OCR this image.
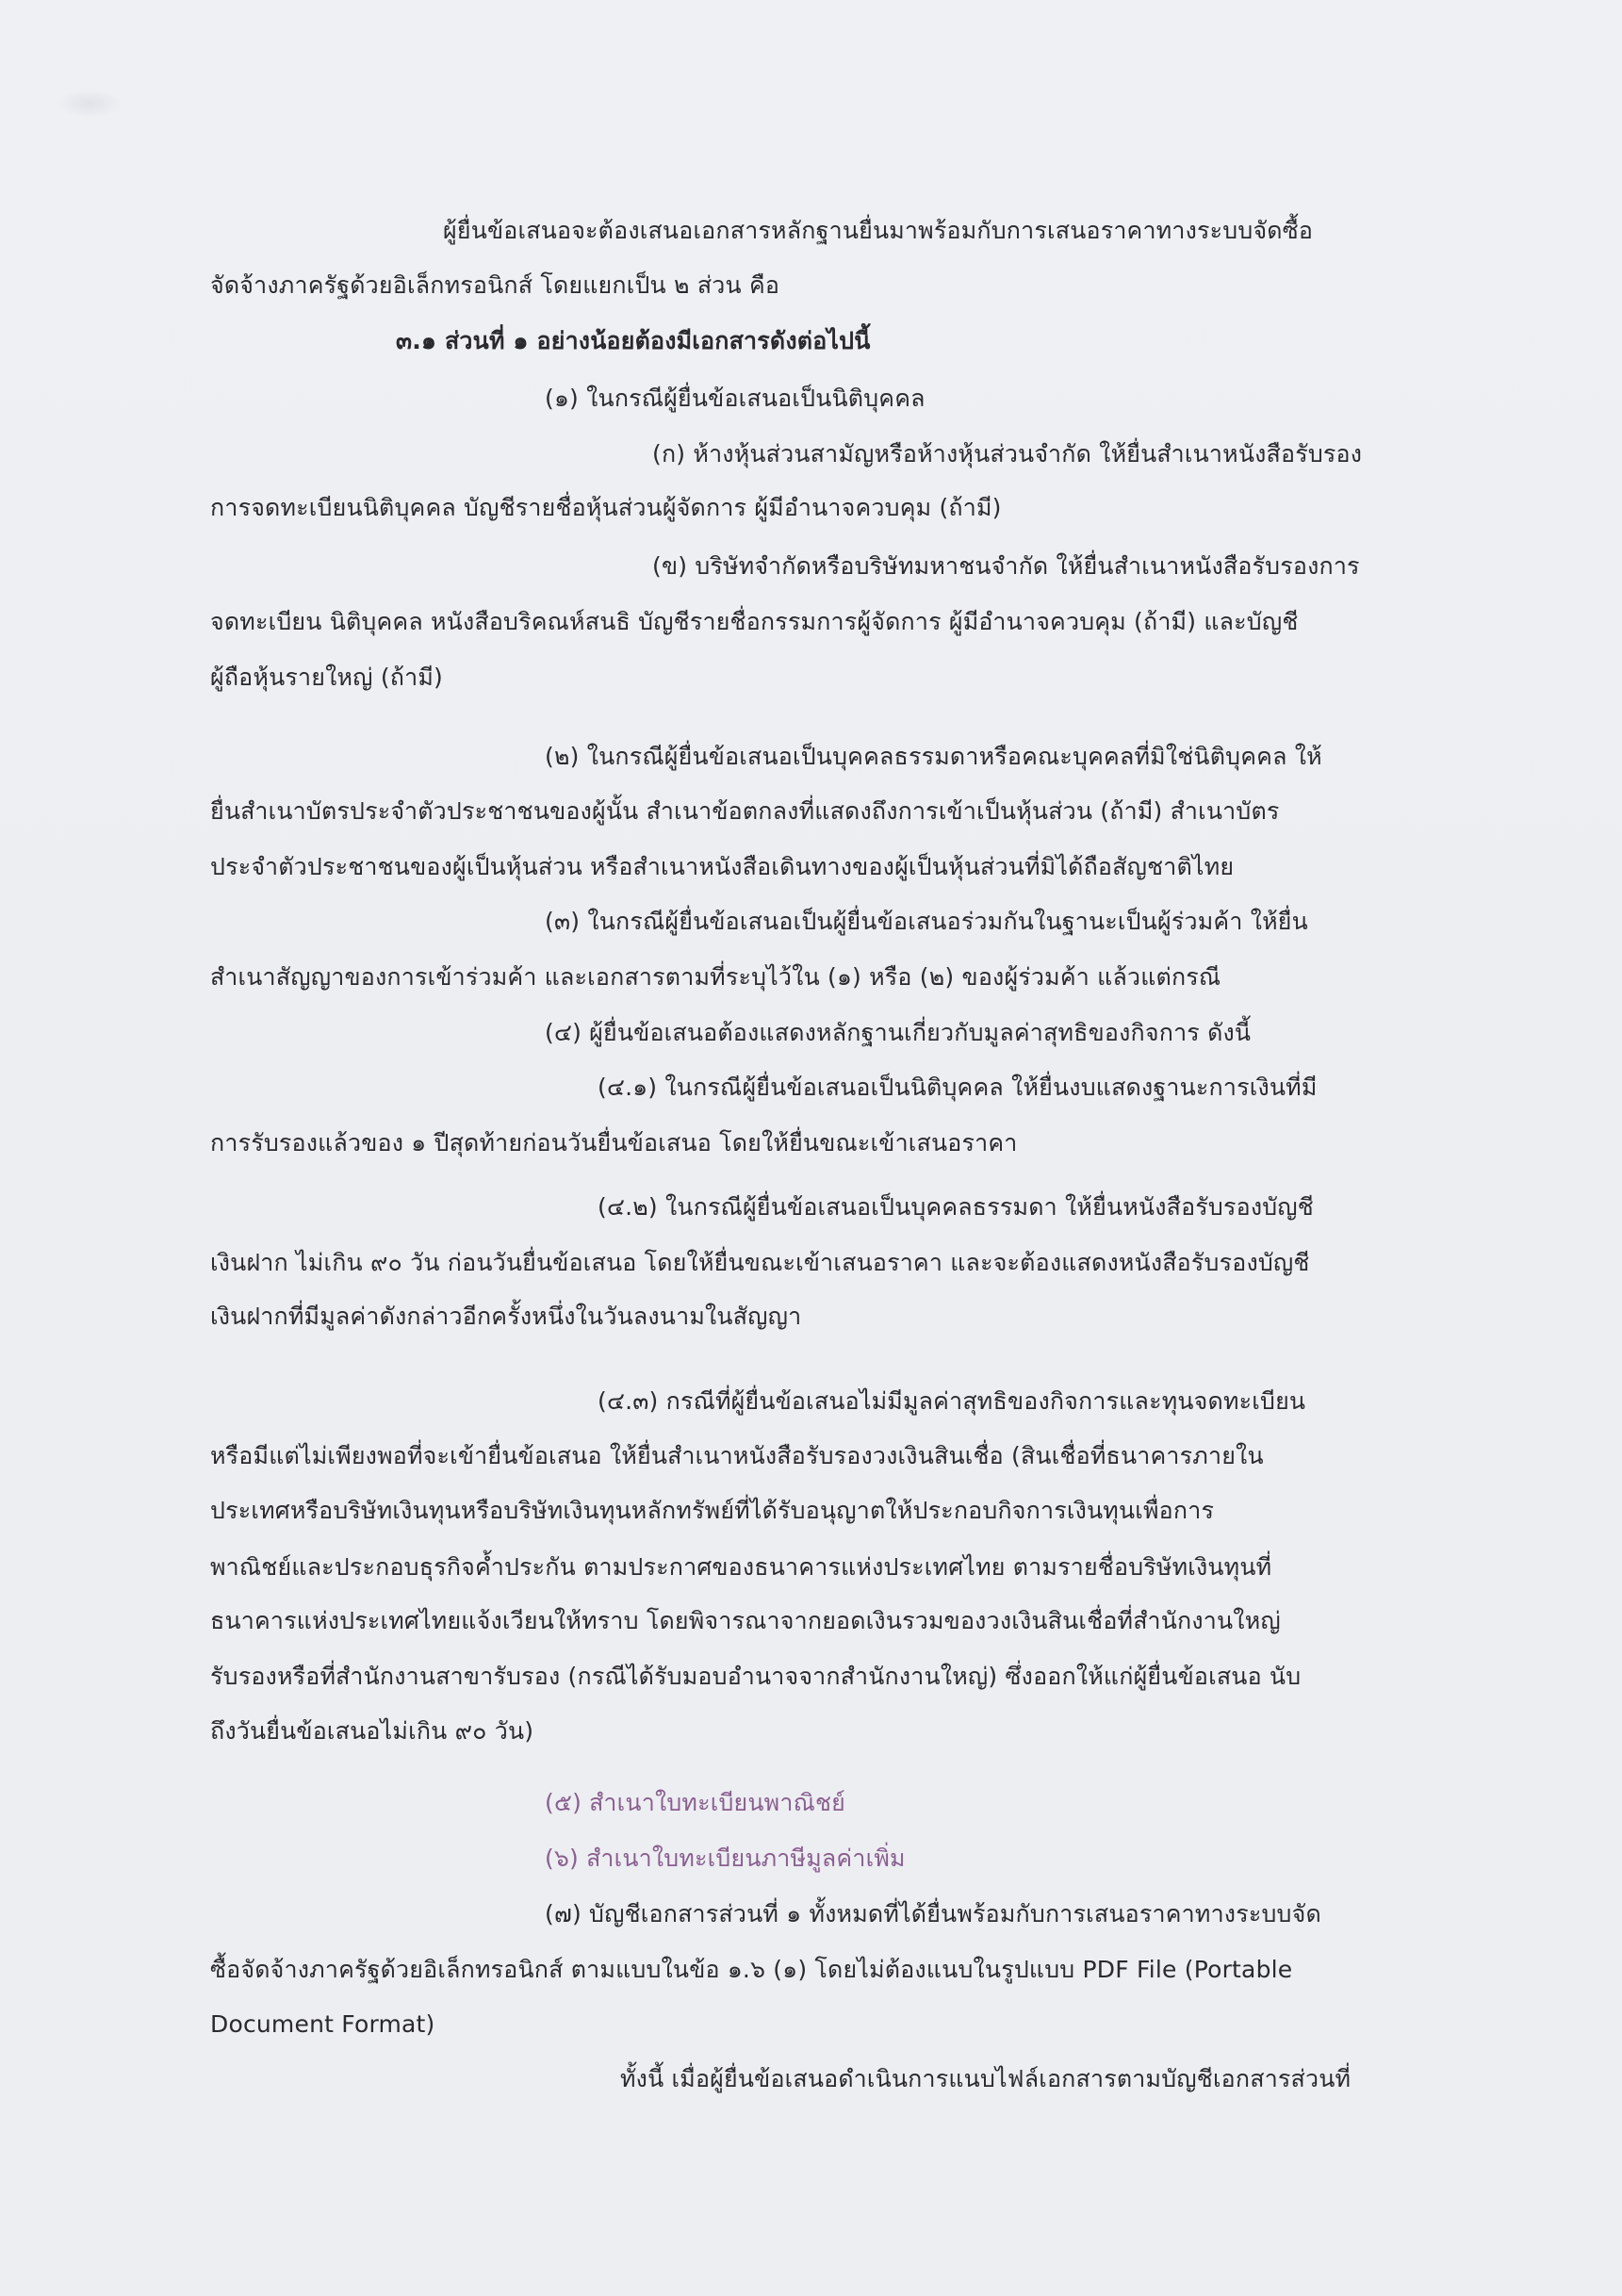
ผู้ยื่นข้อเสนอจะต้องเสนอเอกสารหลักฐานยื่นมาพร้อมกับการเสนอราคาทางระบบจัดซื้อ
จัดจ้างภาครัฐด้วยอิเล็กทรอนิกส์ โดยแยกเป็น ๒ ส่วน คือ
๓.๑ ส่วนที่ ๑ อย่างน้อยต้องมีเอกสารดังต่อไปนี้
(๑) ในกรณีผู้ยื่นข้อเสนอเป็นนิติบุคคล
(ก) ห้างหุ้นส่วนสามัญหรือห้างหุ้นส่วนจำกัด ให้ยื่นสำเนาหนังสือรับรอง
การจดทะเบียนนิติบุคคล บัญชีรายชื่อหุ้นส่วนผู้จัดการ ผู้มีอำนาจควบคุม (ถ้ามี)
(ข) บริษัทจำกัดหรือบริษัทมหาชนจำกัด ให้ยื่นสำเนาหนังสือรับรองการ
จดทะเบียน นิติบุคคล หนังสือบริคณห์สนธิ บัญชีรายชื่อกรรมการผู้จัดการ ผู้มีอำนาจควบคุม (ถ้ามี) และบัญชี
ผู้ถือหุ้นรายใหญ่ (ถ้ามี)
(๒) ในกรณีผู้ยื่นข้อเสนอเป็นบุคคลธรรมดาหรือคณะบุคคลที่มิใช่นิติบุคคล ให้
ยื่นสำเนาบัตรประจำตัวประชาชนของผู้นั้น สำเนาข้อตกลงที่แสดงถึงการเข้าเป็นหุ้นส่วน (ถ้ามี) สำเนาบัตร
ประจำตัวประชาชนของผู้เป็นหุ้นส่วน หรือสำเนาหนังสือเดินทางของผู้เป็นหุ้นส่วนที่มิได้ถือสัญชาติไทย
(๓) ในกรณีผู้ยื่นข้อเสนอเป็นผู้ยื่นข้อเสนอร่วมกันในฐานะเป็นผู้ร่วมค้า ให้ยื่น
สำเนาสัญญาของการเข้าร่วมค้า และเอกสารตามที่ระบุไว้ใน (๑) หรือ (๒) ของผู้ร่วมค้า แล้วแต่กรณี
(๔) ผู้ยื่นข้อเสนอต้องแสดงหลักฐานเกี่ยวกับมูลค่าสุทธิของกิจการ ดังนี้
(๔.๑) ในกรณีผู้ยื่นข้อเสนอเป็นนิติบุคคล ให้ยื่นงบแสดงฐานะการเงินที่มี
การรับรองแล้วของ ๑ ปีสุดท้ายก่อนวันยื่นข้อเสนอ โดยให้ยื่นขณะเข้าเสนอราคา
(๔.๒) ในกรณีผู้ยื่นข้อเสนอเป็นบุคคลธรรมดา ให้ยื่นหนังสือรับรองบัญชี
เงินฝาก ไม่เกิน ๙๐ วัน ก่อนวันยื่นข้อเสนอ โดยให้ยื่นขณะเข้าเสนอราคา และจะต้องแสดงหนังสือรับรองบัญชี
เงินฝากที่มีมูลค่าดังกล่าวอีกครั้งหนึ่งในวันลงนามในสัญญา
(๔.๓) กรณีที่ผู้ยื่นข้อเสนอไม่มีมูลค่าสุทธิของกิจการและทุนจดทะเบียน
หรือมีแต่ไม่เพียงพอที่จะเข้ายื่นข้อเสนอ ให้ยื่นสำเนาหนังสือรับรองวงเงินสินเชื่อ (สินเชื่อที่ธนาคารภายใน
ประเทศหรือบริษัทเงินทุนหรือบริษัทเงินทุนหลักทรัพย์ที่ได้รับอนุญาตให้ประกอบกิจการเงินทุนเพื่อการ
พาณิชย์และประกอบธุรกิจค้ำประกัน ตามประกาศของธนาคารแห่งประเทศไทย ตามรายชื่อบริษัทเงินทุนที่
ธนาคารแห่งประเทศไทยแจ้งเวียนให้ทราบ โดยพิจารณาจากยอดเงินรวมของวงเงินสินเชื่อที่สำนักงานใหญ่
รับรองหรือที่สำนักงานสาขารับรอง (กรณีได้รับมอบอำนาจจากสำนักงานใหญ่) ซึ่งออกให้แก่ผู้ยื่นข้อเสนอ นับ
ถึงวันยื่นข้อเสนอไม่เกิน ๙๐ วัน)
(๕) สำเนาใบทะเบียนพาณิชย์
(๖) สำเนาใบทะเบียนภาษีมูลค่าเพิ่ม
(๗) บัญชีเอกสารส่วนที่ ๑ ทั้งหมดที่ได้ยื่นพร้อมกับการเสนอราคาทางระบบจัด
ซื้อจัดจ้างภาครัฐด้วยอิเล็กทรอนิกส์ ตามแบบในข้อ ๑.๖ (๑) โดยไม่ต้องแนบในรูปแบบ PDF File (Portable
Document Format)
ทั้งนี้ เมื่อผู้ยื่นข้อเสนอดำเนินการแนบไฟล์เอกสารตามบัญชีเอกสารส่วนที่
